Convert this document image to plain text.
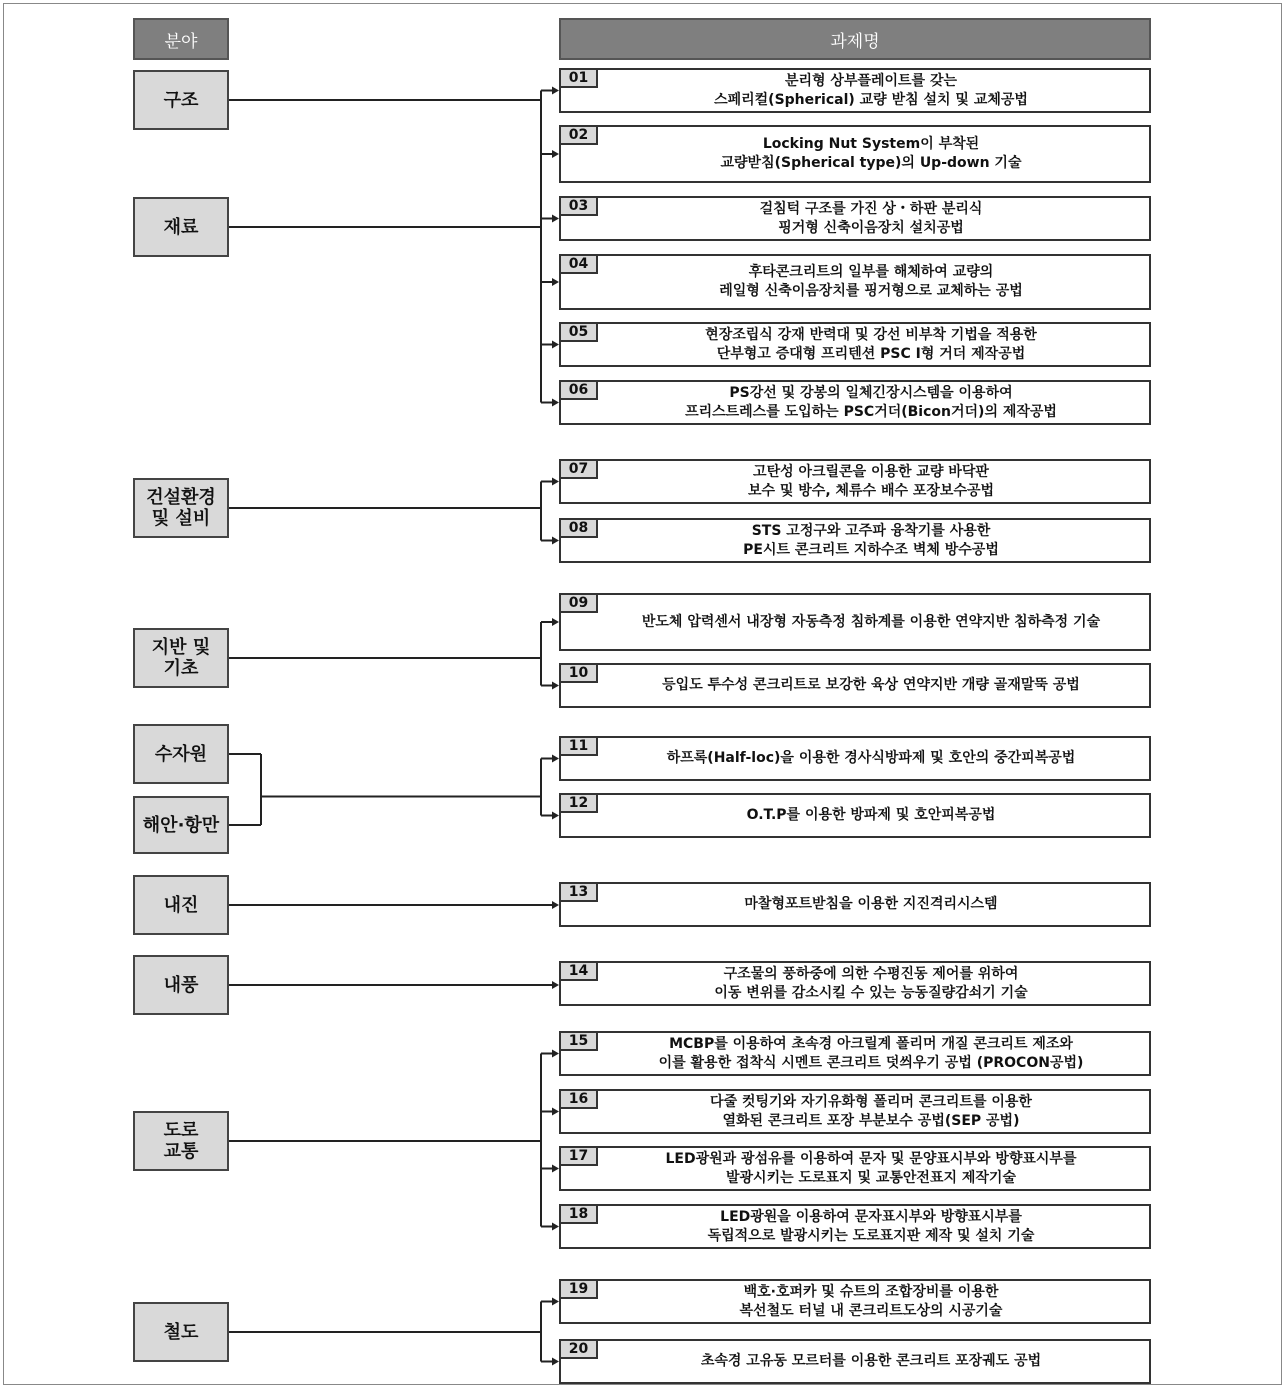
분야	과제명
구조
재료
건설환경
및 설비
지반 및
기초
수자원
해안·항만
내진
내풍
도로
교통
철도
분리형 상부플레이트를 갖는
스페리컬(Spherical) 교량 받침 설치 및 교체공법
01
Locking Nut System이 부착된
교량받침(Spherical type)의 Up-down 기술
02
걸침턱 구조를 가진 상・하판 분리식
핑거형 신축이음장치 설치공법
03
후타콘크리트의 일부를 해체하여 교량의
레일형 신축이음장치를 핑거형으로 교체하는 공법
04
현장조립식 강재 반력대 및 강선 비부착 기법을 적용한
단부형고 증대형 프리텐션 PSC I형 거더 제작공법
05
PS강선 및 강봉의 일체긴장시스템을 이용하여
프리스트레스를 도입하는 PSC거더(Bicon거더)의 제작공법
06
고탄성 아크릴콘을 이용한 교량 바닥판
보수 및 방수, 체류수 배수 포장보수공법
07
STS 고정구와 고주파 융착기를 사용한
PE시트 콘크리트 지하수조 벽체 방수공법
08
반도체 압력센서 내장형 자동측정 침하계를 이용한 연약지반 침하측정 기술
09
등입도 투수성 콘크리트로 보강한 육상 연약지반 개량 골재말뚝 공법
10
하프록(Half-loc)을 이용한 경사식방파제 및 호안의 중간피복공법
11
O.T.P를 이용한 방파제 및 호안피복공법
12
마찰형포트받침을 이용한 지진격리시스템
13
구조물의 풍하중에 의한 수평진동 제어를 위하여
이동 변위를 감소시킬 수 있는 능동질량감쇠기 기술
14
MCBP를 이용하여 초속경 아크릴계 폴리머 개질 콘크리트 제조와
이를 활용한 접착식 시멘트 콘크리트 덧씌우기 공법 (PROCON공법)
15
다줄 컷팅기와 자기유화형 폴리머 콘크리트를 이용한
열화된 콘크리트 포장 부분보수 공법(SEP 공법)
16
LED광원과 광섬유를 이용하여 문자 및 문양표시부와 방향표시부를
발광시키는 도로표지 및 교통안전표지 제작기술
17
LED광원을 이용하여 문자표시부와 방향표시부를
독립적으로 발광시키는 도로표지판 제작 및 설치 기술
18
백호·호퍼카 및 슈트의 조합장비를 이용한
복선철도 터널 내 콘크리트도상의 시공기술
19
초속경 고유동 모르터를 이용한 콘크리트 포장궤도 공법
20
